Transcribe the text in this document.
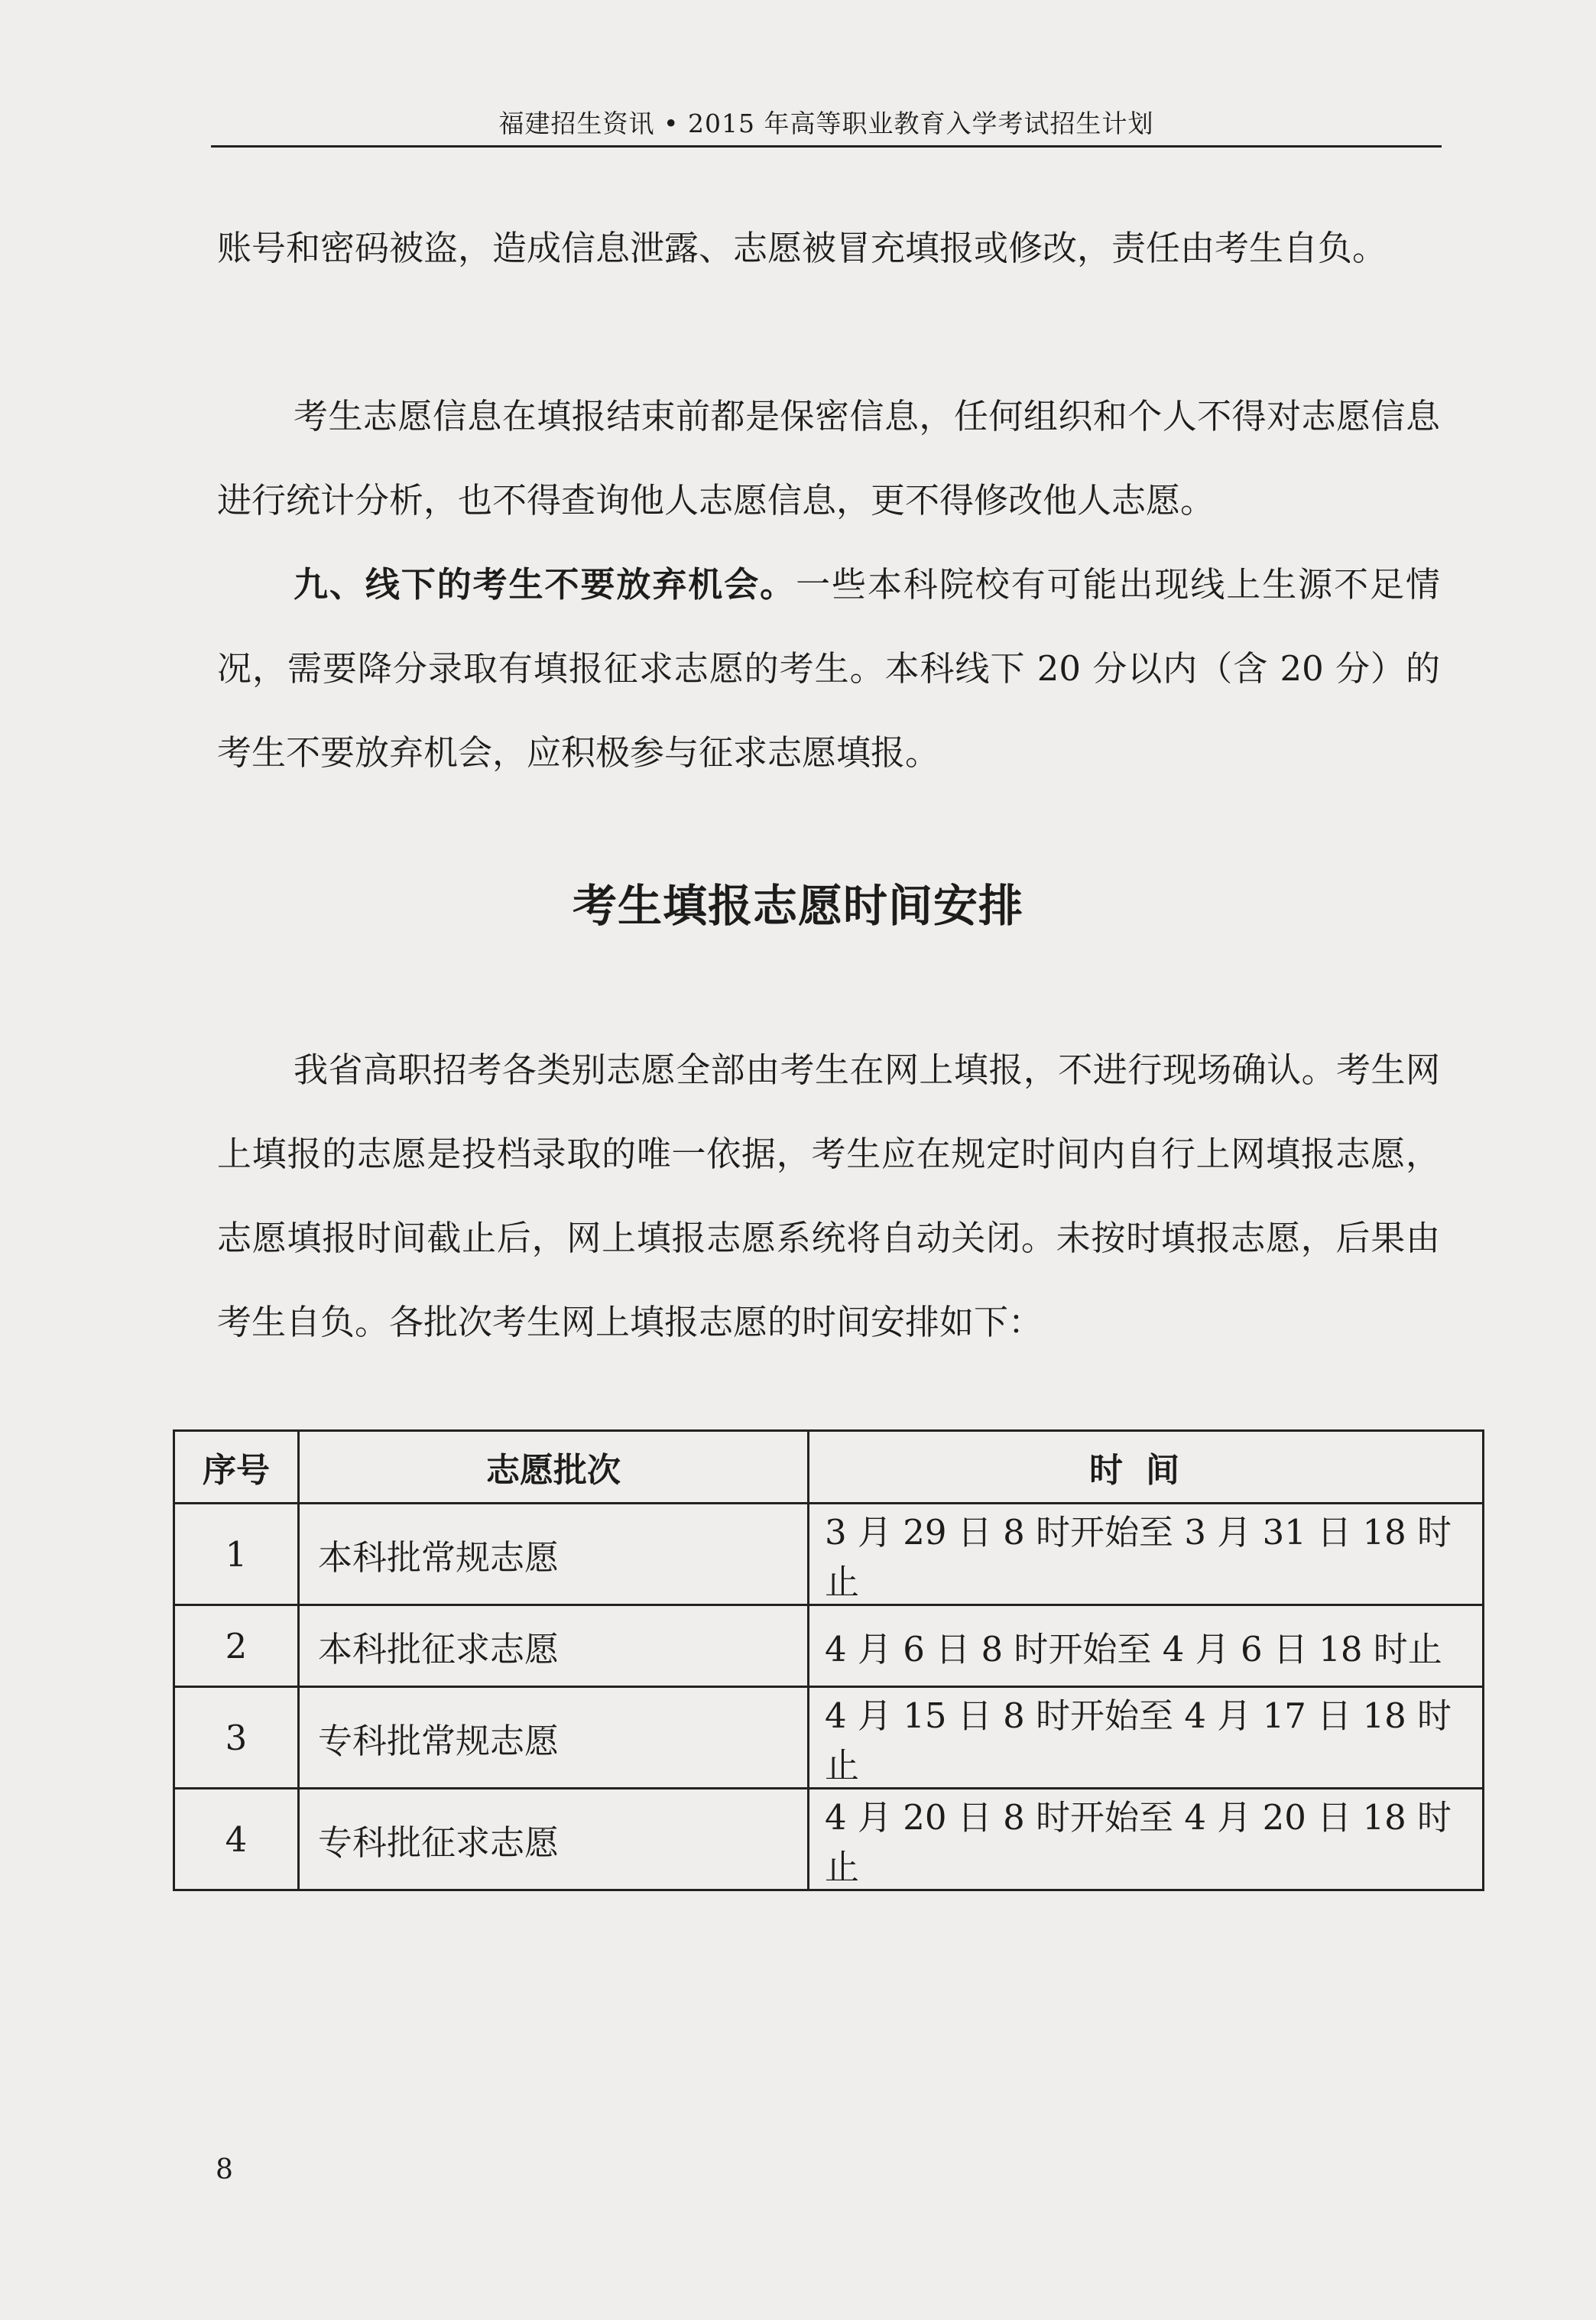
福建招生资讯 • 2015 年高等职业教育入学考试招生计划

账号和密码被盗，造成信息泄露、志愿被冒充填报或修改，责任由考生自负。

考生志愿信息在填报结束前都是保密信息，任何组织和个人不得对志愿信息进行统计分析，也不得查询他人志愿信息，更不得修改他人志愿。

九、线下的考生不要放弃机会。一些本科院校有可能出现线上生源不足情况，需要降分录取有填报征求志愿的考生。本科线下 20 分以内（含 20 分）的考生不要放弃机会，应积极参与征求志愿填报。

考生填报志愿时间安排

我省高职招考各类别志愿全部由考生在网上填报，不进行现场确认。考生网上填报的志愿是投档录取的唯一依据，考生应在规定时间内自行上网填报志愿，志愿填报时间截止后，网上填报志愿系统将自动关闭。未按时填报志愿，后果由考生自负。各批次考生网上填报志愿的时间安排如下：

序号	志愿批次	时间
1	本科批常规志愿	3 月 29 日 8 时开始至 3 月 31 日 18 时止
2	本科批征求志愿	4 月 6 日 8 时开始至 4 月 6 日 18 时止
3	专科批常规志愿	4 月 15 日 8 时开始至 4 月 17 日 18 时止
4	专科批征求志愿	4 月 20 日 8 时开始至 4 月 20 日 18 时止
8
